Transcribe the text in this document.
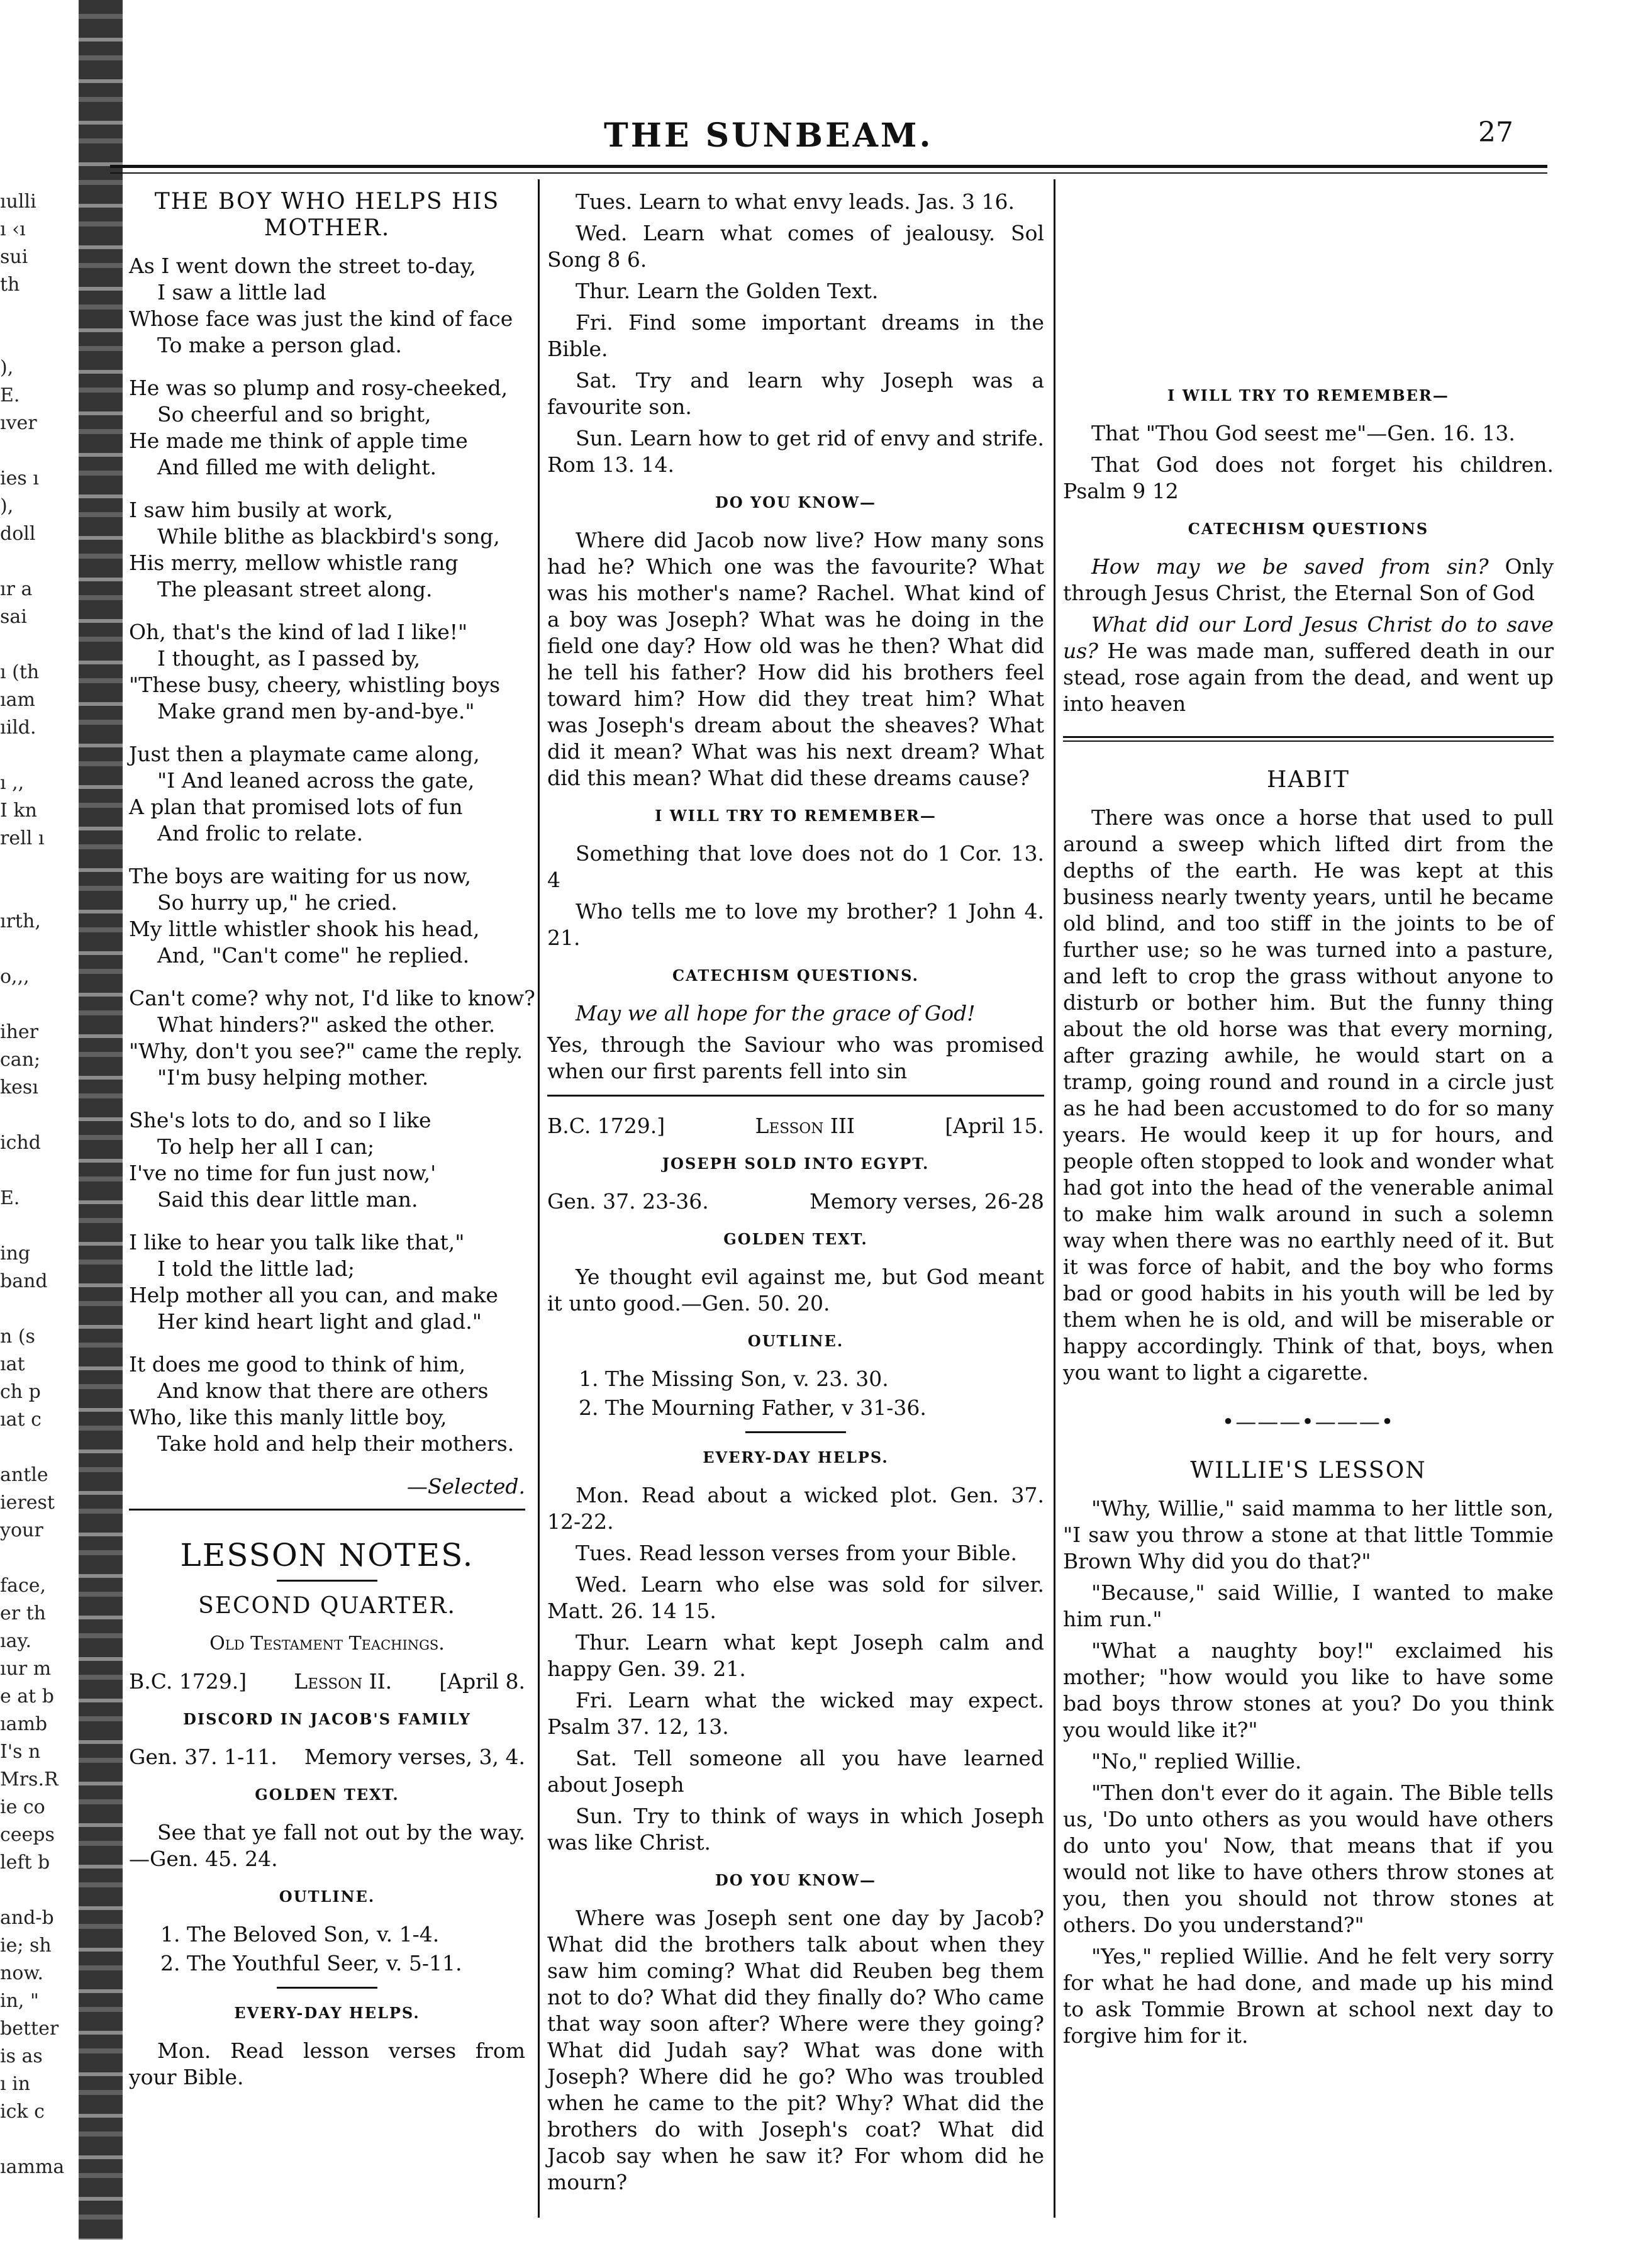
ıulli
ı ‹ı
sui
th
),
E.
ıver
ies ı
),
doll
ır a
sai
ı (th
ıam
ıild.
ı ,,
I kn
rell ı
ırth,
o,,,
iher
can;
kesı
ichd
E.
ing
band
n (s
ıat
ch p
ıat c
antle
ierest
your
face,
er th
ıay.
ıur m
e at b
ıamb
I's n
Mrs.R
ie co
ceeps
left b
and-b
ie; sh
now.
in, "
better
is as
ı in
ick c
ıamma
THE SUNBEAM.	27
THE BOY WHO HELPS HIS MOTHER.
As I went down the street to-day,
I saw a little lad
Whose face was just the kind of face
To make a person glad.
He was so plump and rosy-cheeked,
So cheerful and so bright,
He made me think of apple time
And filled me with delight.
I saw him busily at work,
While blithe as blackbird's song,
His merry, mellow whistle rang
The pleasant street along.
Oh, that's the kind of lad I like!"
I thought, as I passed by,
"These busy, cheery, whistling boys
Make grand men by-and-bye."
Just then a playmate came along,
"I And leaned across the gate,
A plan that promised lots of fun
And frolic to relate.
The boys are waiting for us now,
So hurry up," he cried.
My little whistler shook his head,
And, "Can't come" he replied.
Can't come? why not, I'd like to know?
What hinders?" asked the other.
"Why, don't you see?" came the reply.
"I'm busy helping mother.
She's lots to do, and so I like
To help her all I can;
I've no time for fun just now,'
Said this dear little man.
I like to hear you talk like that,"
I told the little lad;
Help mother all you can, and make
Her kind heart light and glad."
It does me good to think of him,
And know that there are others
Who, like this manly little boy,
Take hold and help their mothers.
—Selected.
LESSON NOTES.
SECOND QUARTER.
Old Testament Teachings.
B.C. 1729.] Lesson II. [April 8.
DISCORD IN JACOB'S FAMILY
Gen. 37. 1-11. Memory verses, 3, 4.
GOLDEN TEXT.

See that ye fall not out by the way.—Gen. 45. 24.

OUTLINE.
1. The Beloved Son, v. 1-4.
2. The Youthful Seer, v. 5-11.
EVERY-DAY HELPS.

Mon. Read lesson verses from your Bible.

Tues. Learn to what envy leads. Jas. 3 16.

Wed. Learn what comes of jealousy. Sol Song 8 6.

Thur. Learn the Golden Text.

Fri. Find some important dreams in the Bible.

Sat. Try and learn why Joseph was a favourite son.

Sun. Learn how to get rid of envy and strife. Rom 13. 14.

DO YOU KNOW—

Where did Jacob now live? How many sons had he? Which one was the favourite? What was his mother's name? Rachel. What kind of a boy was Joseph? What was he doing in the field one day? How old was he then? What did he tell his father? How did his brothers feel toward him? How did they treat him? What was Joseph's dream about the sheaves? What did it mean? What was his next dream? What did this mean? What did these dreams cause?

I WILL TRY TO REMEMBER—

Something that love does not do 1 Cor. 13. 4

Who tells me to love my brother? 1 John 4. 21.

CATECHISM QUESTIONS.

May we all hope for the grace of God!

Yes, through the Saviour who was promised when our first parents fell into sin

B.C. 1729.]	Lesson III	[April 15.
JOSEPH SOLD INTO EGYPT.
Gen. 37. 23-36.	Memory verses, 26-28
GOLDEN TEXT.

Ye thought evil against me, but God meant it unto good.—Gen. 50. 20.

OUTLINE.
1. The Missing Son, v. 23. 30.
2. The Mourning Father, v 31-36.
EVERY-DAY HELPS.

Mon. Read about a wicked plot. Gen. 37. 12-22.

Tues. Read lesson verses from your Bible.

Wed. Learn who else was sold for silver. Matt. 26. 14 15.

Thur. Learn what kept Joseph calm and happy Gen. 39. 21.

Fri. Learn what the wicked may expect. Psalm 37. 12, 13.

Sat. Tell someone all you have learned about Joseph

Sun. Try to think of ways in which Joseph was like Christ.

DO YOU KNOW—

Where was Joseph sent one day by Jacob? What did the brothers talk about when they saw him coming? What did Reuben beg them not to do? What did they finally do? Who came that way soon after? Where were they going? What did Judah say? What was done with Joseph? Where did he go? Who was troubled when he came to the pit? Why? What did the brothers do with Joseph's coat? What did Jacob say when he saw it? For whom did he mourn?

I WILL TRY TO REMEMBER—

That "Thou God seest me"—Gen. 16. 13.

That God does not forget his children. Psalm 9 12

CATECHISM QUESTIONS

How may we be saved from sin? Only through Jesus Christ, the Eternal Son of God

What did our Lord Jesus Christ do to save us? He was made man, suffered death in our stead, rose again from the dead, and went up into heaven

HABIT

There was once a horse that used to pull around a sweep which lifted dirt from the depths of the earth. He was kept at this business nearly twenty years, until he became old blind, and too stiff in the joints to be of further use; so he was turned into a pasture, and left to crop the grass without anyone to disturb or bother him. But the funny thing about the old horse was that every morning, after grazing awhile, he would start on a tramp, going round and round in a circle just as he had been accustomed to do for so many years. He would keep it up for hours, and people often stopped to look and wonder what had got into the head of the venerable animal to make him walk around in such a solemn way when there was no earthly need of it. But it was force of habit, and the boy who forms bad or good habits in his youth will be led by them when he is old, and will be miserable or happy accordingly. Think of that, boys, when you want to light a cigarette.

•———•———•
WILLIE'S LESSON

"Why, Willie," said mamma to her little son, "I saw you throw a stone at that little Tommie Brown Why did you do that?"

"Because," said Willie, I wanted to make him run."

"What a naughty boy!" exclaimed his mother; "how would you like to have some bad boys throw stones at you? Do you think you would like it?"

"No," replied Willie.

"Then don't ever do it again. The Bible tells us, 'Do unto others as you would have others do unto you' Now, that means that if you would not like to have others throw stones at you, then you should not throw stones at others. Do you understand?"

"Yes," replied Willie. And he felt very sorry for what he had done, and made up his mind to ask Tommie Brown at school next day to forgive him for it.
